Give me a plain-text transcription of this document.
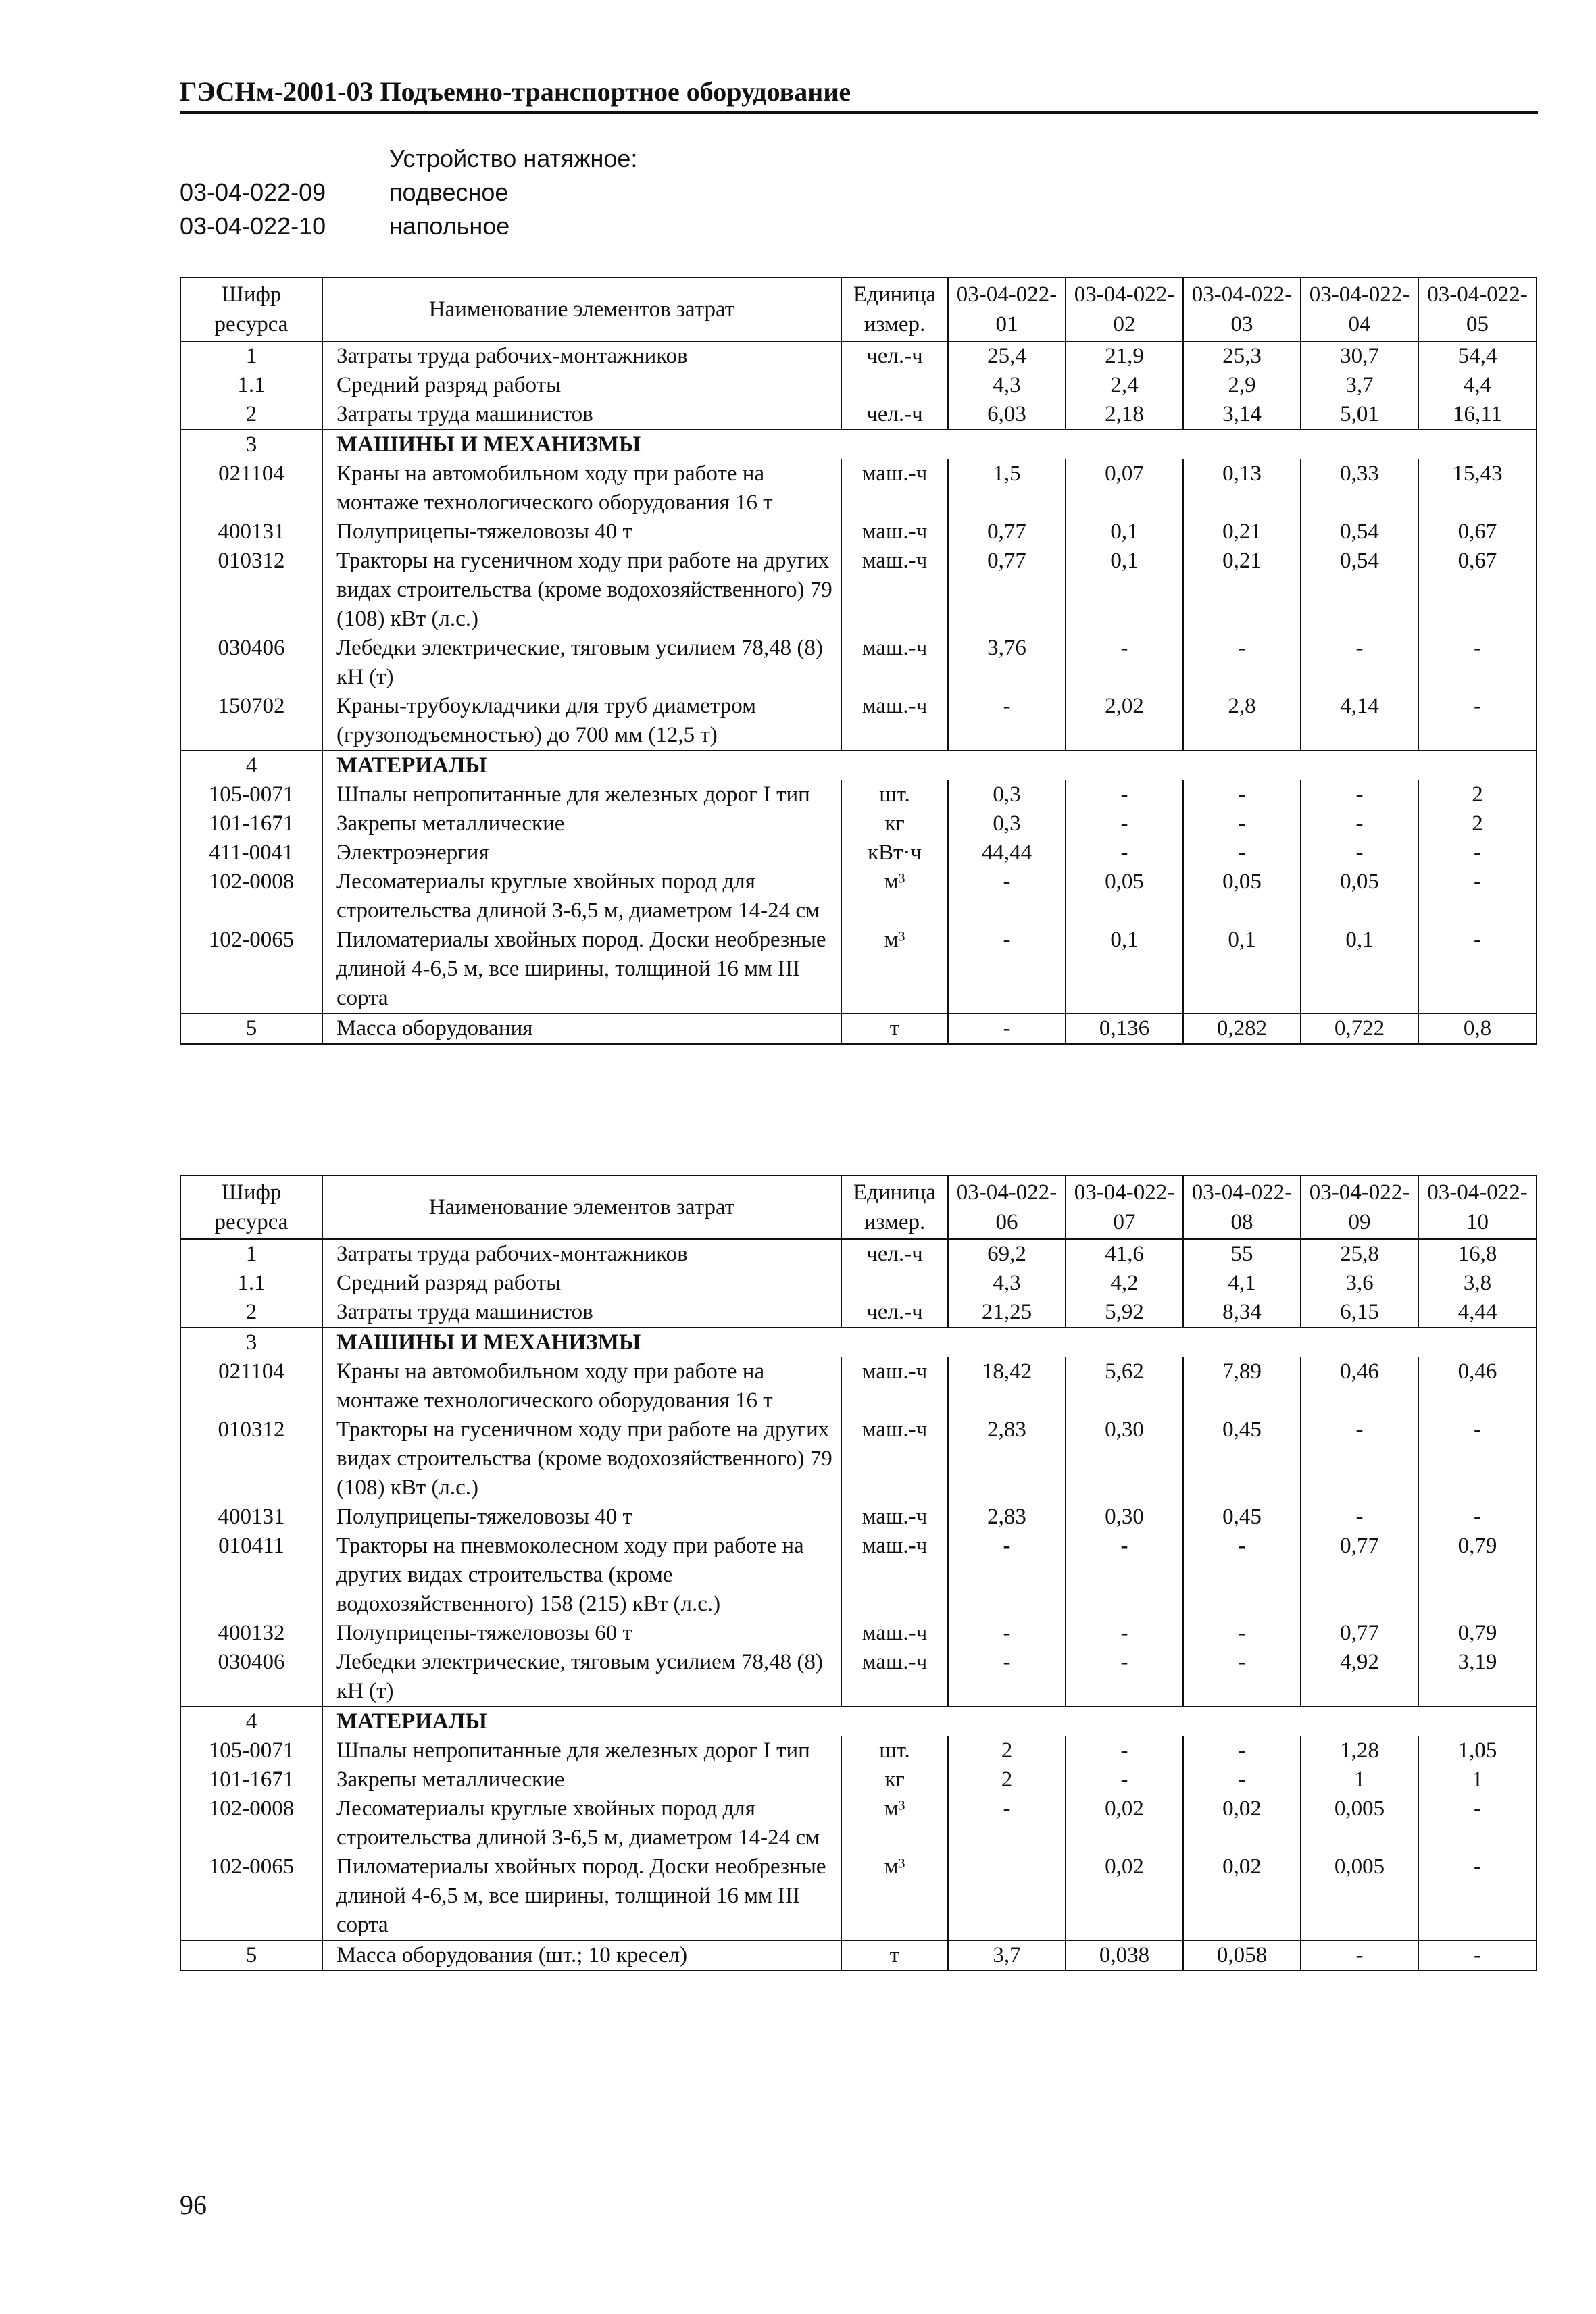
ГЭСНм-2001-03 Подъемно-транспортное оборудование
Устройство натяжное:
03-04-022-09	подвесное
03-04-022-10	напольное
Шифр ресурса	Наименование элементов затрат	Единица измер.	03-04-022-01	03-04-022-02	03-04-022-03	03-04-022-04	03-04-022-05
1	Затраты труда рабочих-монтажников	чел.-ч	25,4	21,9	25,3	30,7	54,4
1.1	Средний разряд работы		4,3	2,4	2,9	3,7	4,4
2	Затраты труда машинистов	чел.-ч	6,03	2,18	3,14	5,01	16,11
3	МАШИНЫ И МЕХАНИЗМЫ						
021104	Краны на автомобильном ходу при работе на монтаже технологического оборудования 16 т	маш.-ч	1,5	0,07	0,13	0,33	15,43
400131	Полуприцепы-тяжеловозы 40 т	маш.-ч	0,77	0,1	0,21	0,54	0,67
010312	Тракторы на гусеничном ходу при работе на других видах строительства (кроме водохозяйственного) 79 (108) кВт (л.с.)	маш.-ч	0,77	0,1	0,21	0,54	0,67
030406	Лебедки электрические, тяговым усилием 78,48 (8) кН (т)	маш.-ч	3,76	-	-	-	-
150702	Краны-трубоукладчики для труб диаметром (грузоподъемностью) до 700 мм (12,5 т)	маш.-ч	-	2,02	2,8	4,14	-
4	МАТЕРИАЛЫ						
105-0071	Шпалы непропитанные для железных дорог I тип	шт.	0,3	-	-	-	2
101-1671	Закрепы металлические	кг	0,3	-	-	-	2
411-0041	Электроэнергия	кВт·ч	44,44	-	-	-	-
102-0008	Лесоматериалы круглые хвойных пород для строительства длиной 3-6,5 м, диаметром 14-24 см	м³	-	0,05	0,05	0,05	-
102-0065	Пиломатериалы хвойных пород. Доски необрезные длиной 4-6,5 м, все ширины, толщиной 16 мм III сорта	м³	-	0,1	0,1	0,1	-
5	Масса оборудования	т	-	0,136	0,282	0,722	0,8
Шифр ресурса	Наименование элементов затрат	Единица измер.	03-04-022-06	03-04-022-07	03-04-022-08	03-04-022-09	03-04-022-10
1	Затраты труда рабочих-монтажников	чел.-ч	69,2	41,6	55	25,8	16,8
1.1	Средний разряд работы		4,3	4,2	4,1	3,6	3,8
2	Затраты труда машинистов	чел.-ч	21,25	5,92	8,34	6,15	4,44
3	МАШИНЫ И МЕХАНИЗМЫ						
021104	Краны на автомобильном ходу при работе на монтаже технологического оборудования 16 т	маш.-ч	18,42	5,62	7,89	0,46	0,46
010312	Тракторы на гусеничном ходу при работе на других видах строительства (кроме водохозяйственного) 79 (108) кВт (л.с.)	маш.-ч	2,83	0,30	0,45	-	-
400131	Полуприцепы-тяжеловозы 40 т	маш.-ч	2,83	0,30	0,45	-	-
010411	Тракторы на пневмоколесном ходу при работе на других видах строительства (кроме водохозяйственного) 158 (215) кВт (л.с.)	маш.-ч	-	-	-	0,77	0,79
400132	Полуприцепы-тяжеловозы 60 т	маш.-ч	-	-	-	0,77	0,79
030406	Лебедки электрические, тяговым усилием 78,48 (8) кН (т)	маш.-ч	-	-	-	4,92	3,19
4	МАТЕРИАЛЫ						
105-0071	Шпалы непропитанные для железных дорог I тип	шт.	2	-	-	1,28	1,05
101-1671	Закрепы металлические	кг	2	-	-	1	1
102-0008	Лесоматериалы круглые хвойных пород для строительства длиной 3-6,5 м, диаметром 14-24 см	м³	-	0,02	0,02	0,005	-
102-0065	Пиломатериалы хвойных пород. Доски необрезные длиной 4-6,5 м, все ширины, толщиной 16 мм III сорта	м³		0,02	0,02	0,005	-
5	Масса оборудования (шт.; 10 кресел)	т	3,7	0,038	0,058	-	-
96
